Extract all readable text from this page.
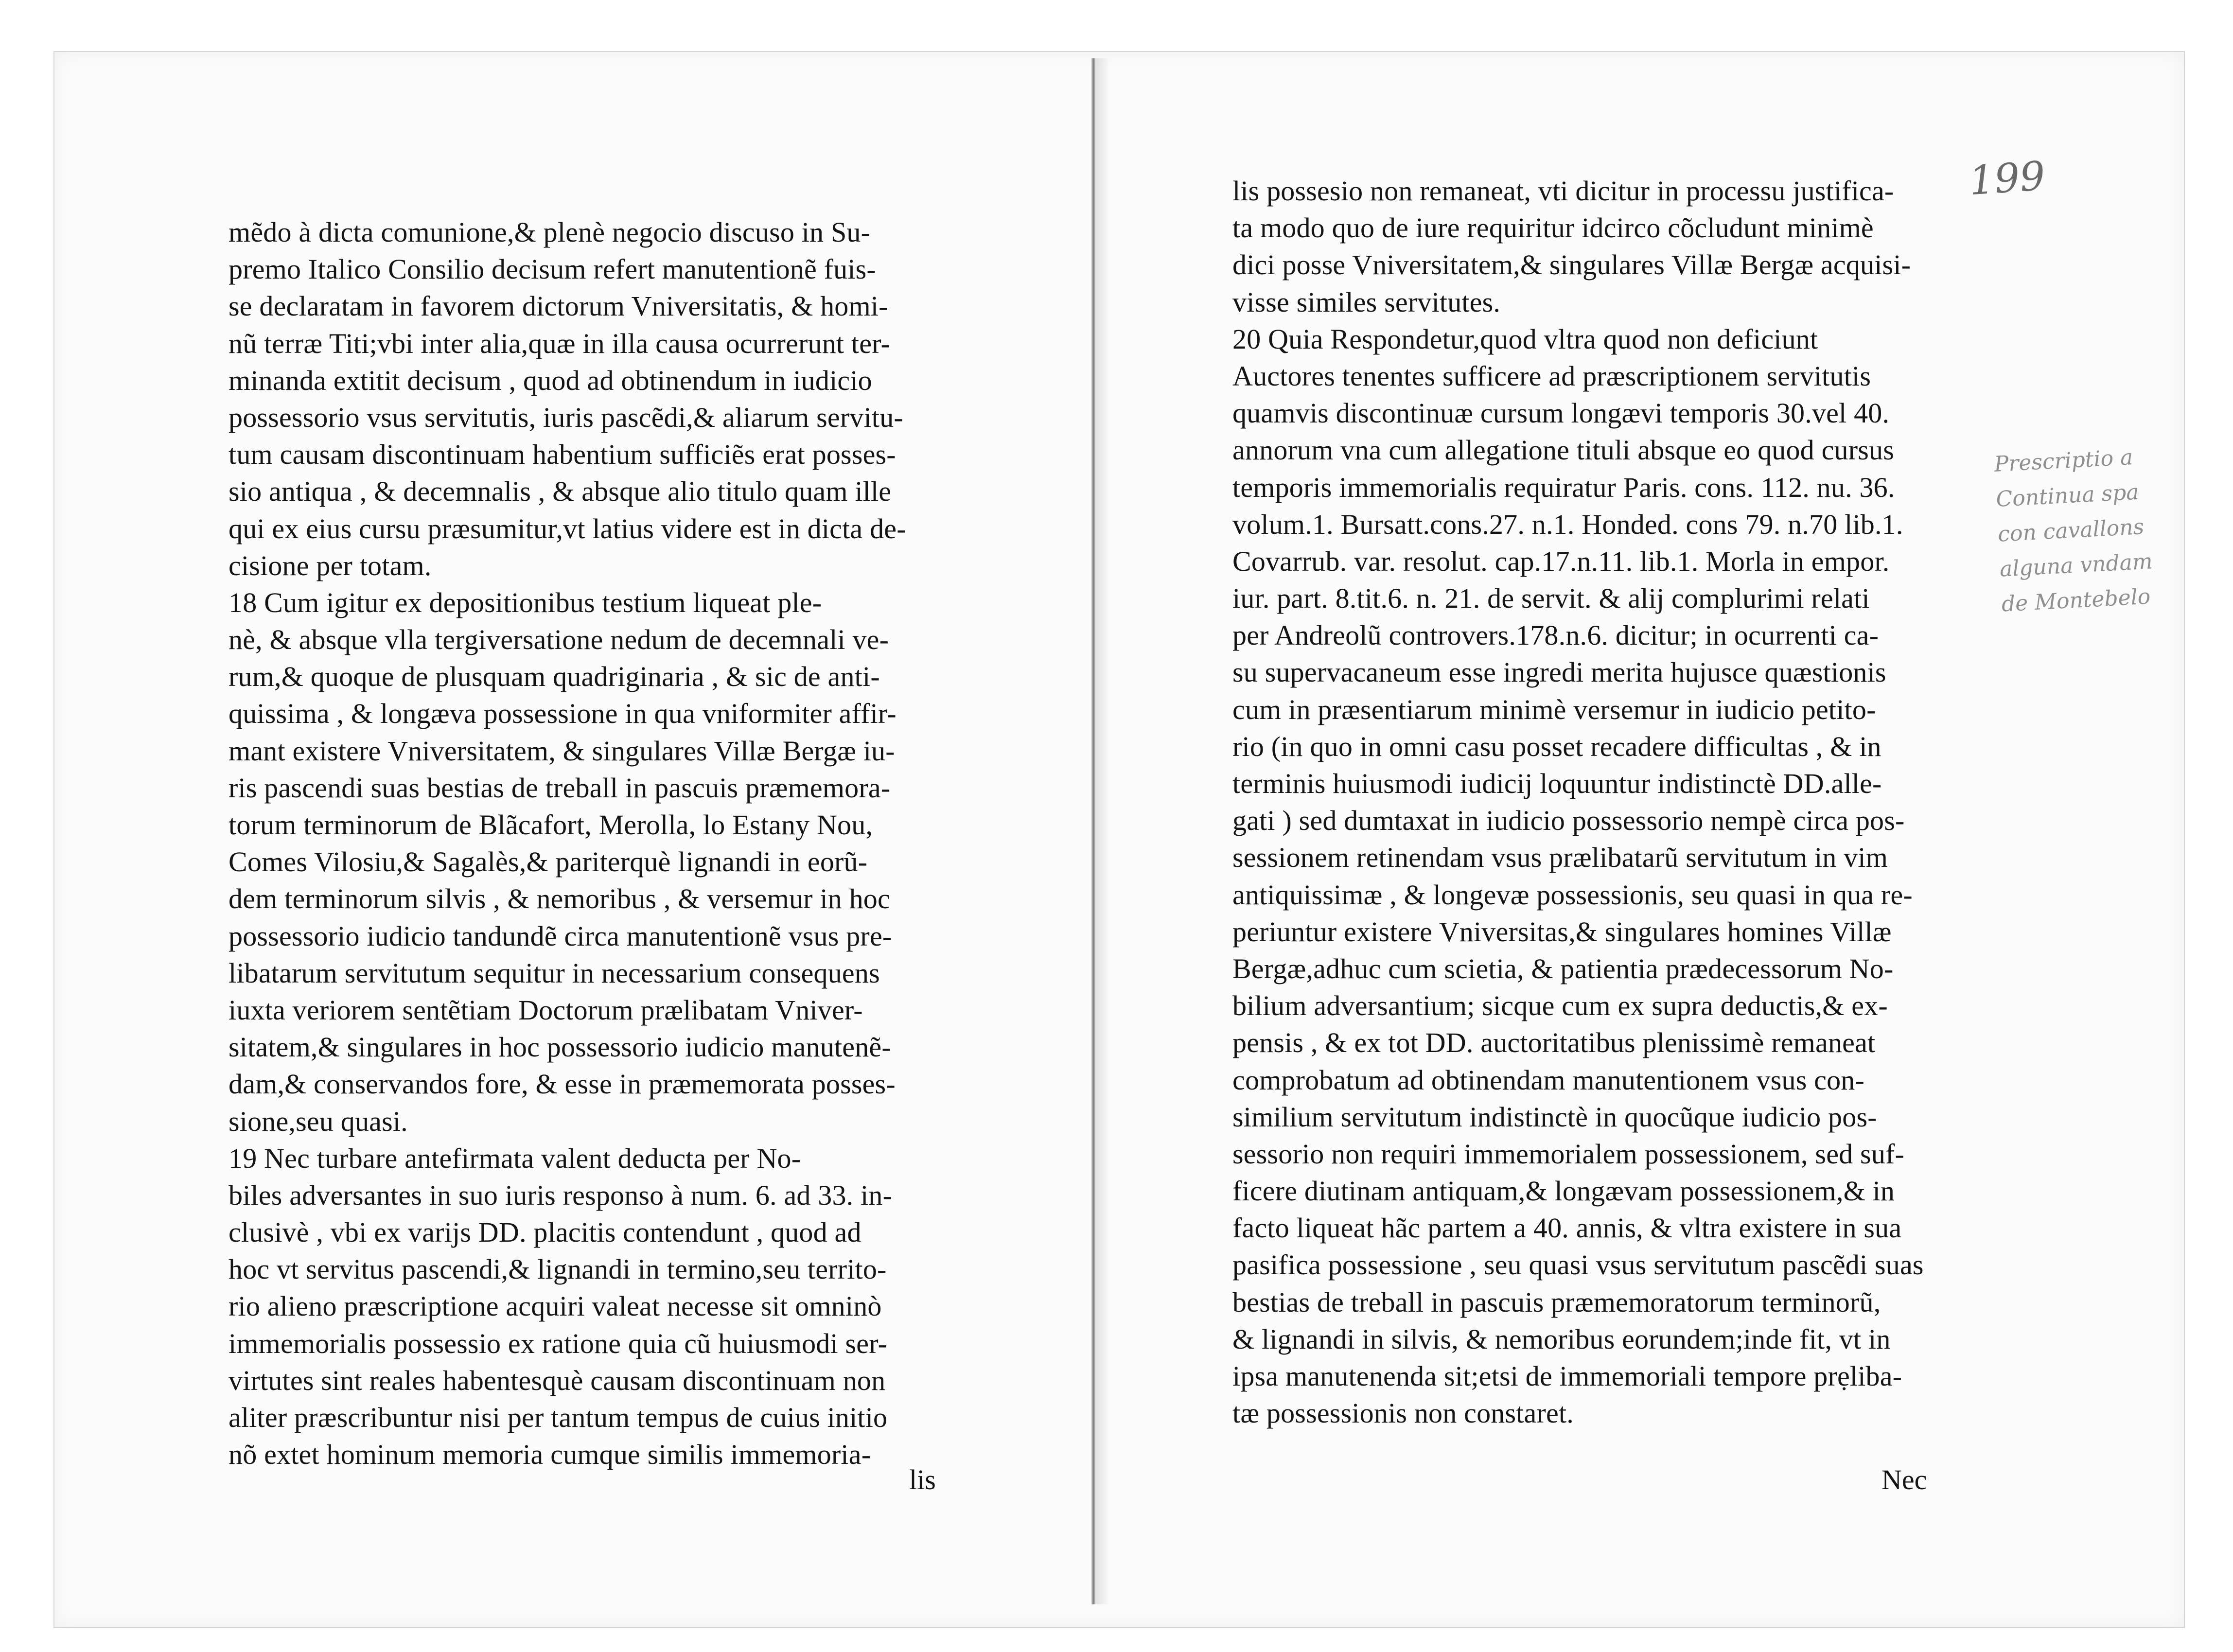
mẽdo à dicta comunione,& plenè negocio discuso in Su-
premo Italico Consilio decisum refert manutentionẽ fuis-
se declaratam in favorem dictorum Vniversitatis, & homi-
nũ terræ Titi;vbi inter alia,quæ in illa causa ocurrerunt ter-
minanda extitit decisum , quod ad obtinendum in iudicio
possessorio vsus servitutis, iuris pascẽdi,& aliarum servitu-
tum causam discontinuam habentium sufficiẽs erat posses-
sio antiqua , & decemnalis , & absque alio titulo quam ille
qui ex eius cursu præsumitur,vt latius videre est in dicta de-
cisione per totam.
18 Cum igitur ex depositionibus testium liqueat ple-
nè, & absque vlla tergiversatione nedum de decemnali ve-
rum,& quoque de plusquam quadriginaria , & sic de anti-
quissima , & longæva possessione in qua vniformiter affir-
mant existere Vniversitatem, & singulares Villæ Bergæ iu-
ris pascendi suas bestias de treball in pascuis præmemora-
torum terminorum de Blãcafort, Merolla, lo Estany Nou,
Comes Vilosiu,& Sagalès,& pariterquè lignandi in eorũ-
dem terminorum silvis , & nemoribus , & versemur in hoc
possessorio iudicio tandundẽ circa manutentionẽ vsus pre-
libatarum servitutum sequitur in necessarium consequens
iuxta veriorem sentẽtiam Doctorum prælibatam Vniver-
sitatem,& singulares in hoc possessorio iudicio manutenẽ-
dam,& conservandos fore, & esse in præmemorata posses-
sione,seu quasi.
19 Nec turbare antefirmata valent deducta per No-
biles adversantes in suo iuris responso à num. 6. ad 33. in-
clusivè , vbi ex varijs DD. placitis contendunt , quod ad
hoc vt servitus pascendi,& lignandi in termino,seu territo-
rio alieno præscriptione acquiri valeat necesse sit omninò
immemorialis possessio ex ratione quia cũ huiusmodi ser-
virtutes sint reales habentesquè causam discontinuam non
aliter præscribuntur nisi per tantum tempus de cuius initio
nõ extet hominum memoria cumque similis immemoria-
lis
199
lis possesio non remaneat, vti dicitur in processu justifica-
ta modo quo de iure requiritur idcirco cõcludunt minimè
dici posse Vniversitatem,& singulares Villæ Bergæ acquisi-
visse similes servitutes.
20 Quia Respondetur,quod vltra quod non deficiunt
Auctores tenentes sufficere ad præscriptionem servitutis
quamvis discontinuæ cursum longævi temporis 30.vel 40.
annorum vna cum allegatione tituli absque eo quod cursus
temporis immemorialis requiratur Paris. cons. 112. nu. 36.
volum.1. Bursatt.cons.27. n.1. Honded. cons 79. n.70 lib.1.
Covarrub. var. resolut. cap.17.n.11. lib.1. Morla in empor.
iur. part. 8.tit.6. n. 21. de servit. & alij complurimi relati
per Andreolũ controvers.178.n.6. dicitur; in ocurrenti ca-
su supervacaneum esse ingredi merita hujusce quæstionis
cum in præsentiarum minimè versemur in iudicio petito-
rio (in quo in omni casu posset recadere difficultas , & in
terminis huiusmodi iudicij loquuntur indistinctè DD.alle-
gati ) sed dumtaxat in iudicio possessorio nempè circa pos-
sessionem retinendam vsus prælibatarũ servitutum in vim
antiquissimæ , & longevæ possessionis, seu quasi in qua re-
periuntur existere Vniversitas,& singulares homines Villæ
Bergæ,adhuc cum scietia, & patientia prædecessorum No-
bilium adversantium; sicque cum ex supra deductis,& ex-
pensis , & ex tot DD. auctoritatibus plenissimè remaneat
comprobatum ad obtinendam manutentionem vsus con-
similium servitutum indistinctè in quocũque iudicio pos-
sessorio non requiri immemorialem possessionem, sed suf-
ficere diutinam antiquam,& longævam possessionem,& in
facto liqueat hãc partem a 40. annis, & vltra existere in sua
pasifica possessione , seu quasi vsus servitutum pascẽdi suas
bestias de treball in pascuis præmemoratorum terminorũ,
& lignandi in silvis, & nemoribus eorundem;inde fit, vt in
ipsa manutenenda sit;etsi de immemoriali tempore prẹliba-
tæ possessionis non constaret.
Nec
Prescriptio a
Continua spa
con cavallons
alguna vndam
de Montebelo
